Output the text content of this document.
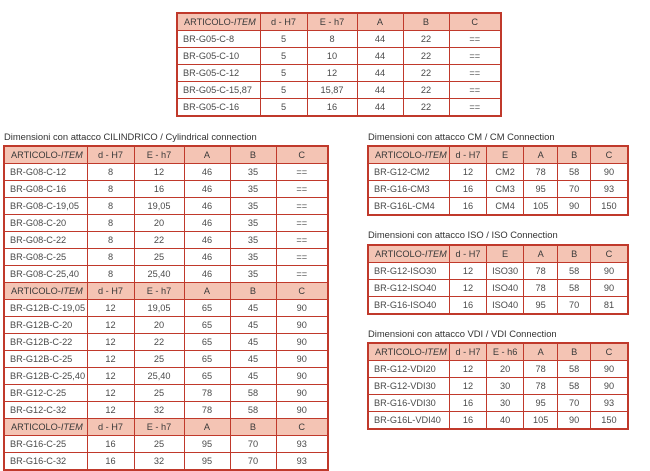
ARTICOLO-ITEM	d - H7	E - h7	A	B	C
BR-G05-C-8	5	8	44	22	==
BR-G05-C-10	5	10	44	22	==
BR-G05-C-12	5	12	44	22	==
BR-G05-C-15,87	5	15,87	44	22	==
BR-G05-C-16	5	16	44	22	==
Dimensioni con attacco CILINDRICO / Cylindrical connection
ARTICOLO-ITEM	d - H7	E - h7	A	B	C
BR-G08-C-12	8	12	46	35	==
BR-G08-C-16	8	16	46	35	==
BR-G08-C-19,05	8	19,05	46	35	==
BR-G08-C-20	8	20	46	35	==
BR-G08-C-22	8	22	46	35	==
BR-G08-C-25	8	25	46	35	==
BR-G08-C-25,40	8	25,40	46	35	==
ARTICOLO-ITEM	d - H7	E - h7	A	B	C
BR-G12B-C-19,05	12	19,05	65	45	90
BR-G12B-C-20	12	20	65	45	90
BR-G12B-C-22	12	22	65	45	90
BR-G12B-C-25	12	25	65	45	90
BR-G12B-C-25,40	12	25,40	65	45	90
BR-G12-C-25	12	25	78	58	90
BR-G12-C-32	12	32	78	58	90
ARTICOLO-ITEM	d - H7	E - h7	A	B	C
BR-G16-C-25	16	25	95	70	93
BR-G16-C-32	16	32	95	70	93
Dimensioni con attacco CM / CM Connection
ARTICOLO-ITEM	d - H7	E	A	B	C
BR-G12-CM2	12	CM2	78	58	90
BR-G16-CM3	16	CM3	95	70	93
BR-G16L-CM4	16	CM4	105	90	150
Dimensioni con attacco ISO / ISO Connection
ARTICOLO-ITEM	d - H7	E	A	B	C
BR-G12-ISO30	12	ISO30	78	58	90
BR-G12-ISO40	12	ISO40	78	58	90
BR-G16-ISO40	16	ISO40	95	70	81
Dimensioni con attacco VDI / VDI Connection
ARTICOLO-ITEM	d - H7	E - h6	A	B	C
BR-G12-VDI20	12	20	78	58	90
BR-G12-VDI30	12	30	78	58	90
BR-G16-VDI30	16	30	95	70	93
BR-G16L-VDI40	16	40	105	90	150
